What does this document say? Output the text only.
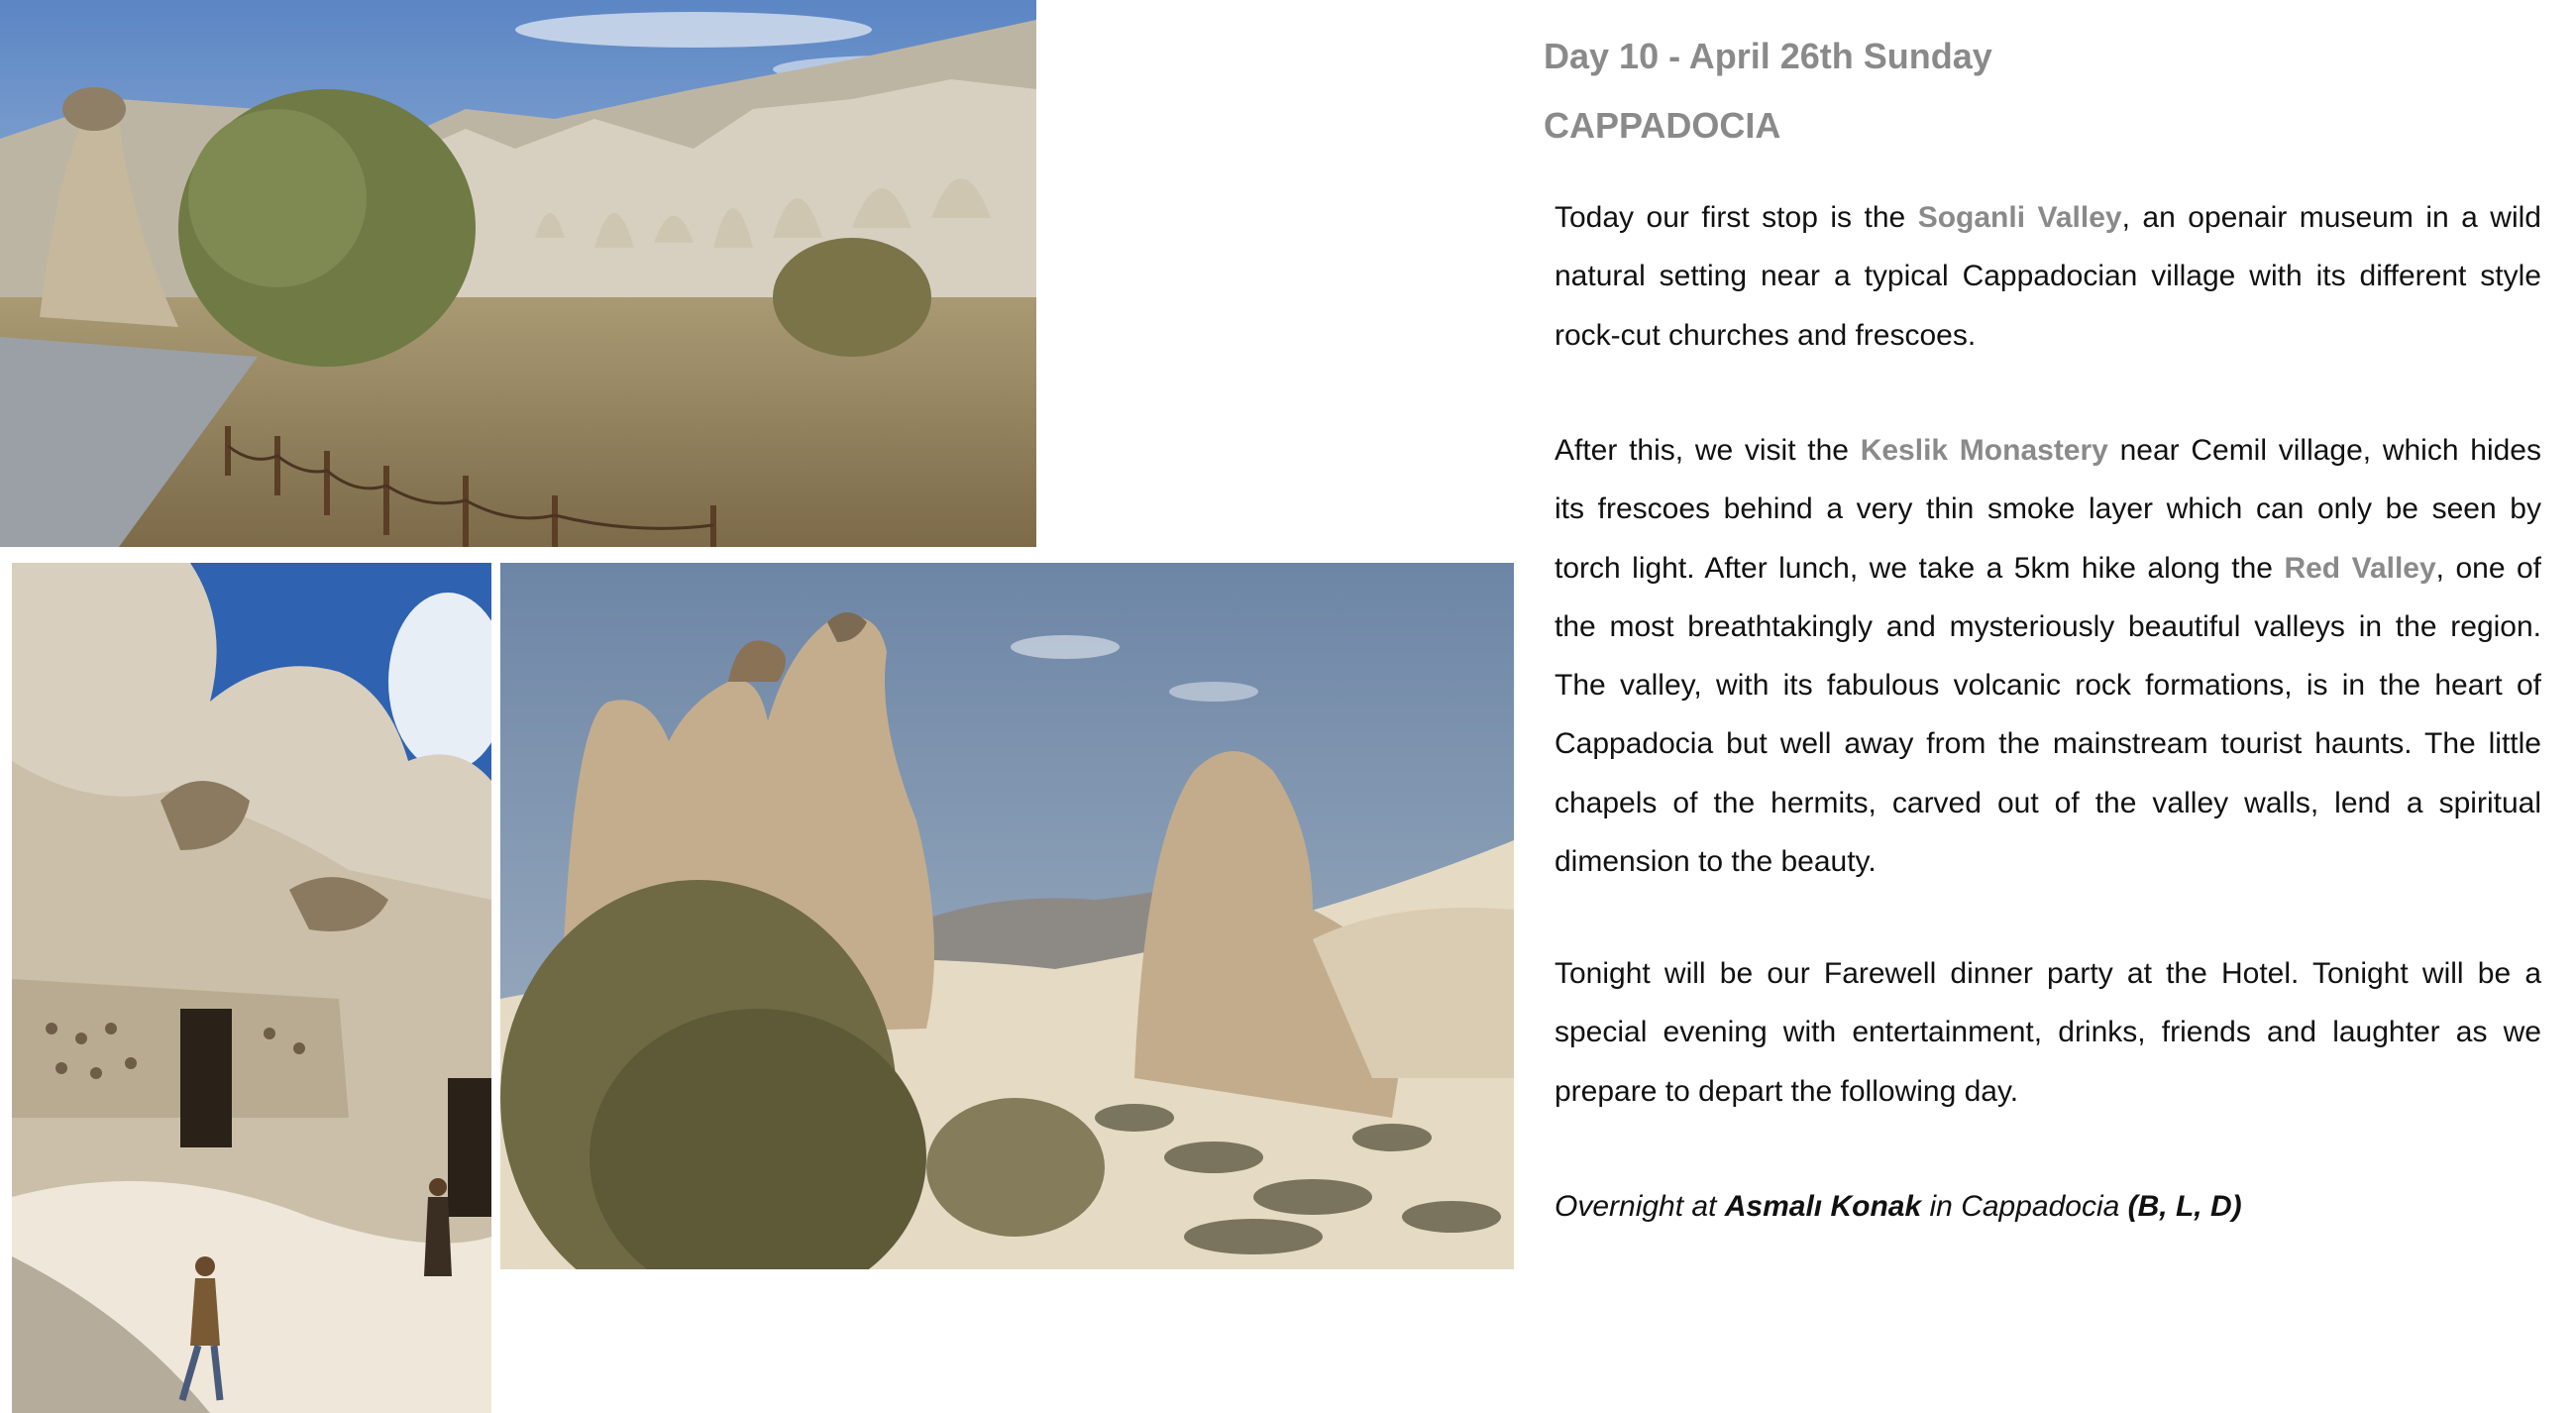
Day 10 - April 26th Sunday
CAPPADOCIA
Today our first stop is the Soganli Valley, an openair museum in a wild natural setting near a typical Cappadocian village with its different style rock-cut churches and frescoes.
After this, we visit the Keslik Monastery near Cemil village, which hides its frescoes behind a very thin smoke layer which can only be seen by torch light. After lunch, we take a 5km hike along the Red Valley, one of the most breathtakingly and mysteriously beautiful valleys in the region. The valley, with its fabulous volcanic rock formations, is in the heart of Cappadocia but well away from the mainstream tourist haunts. The little chapels of the hermits, carved out of the valley walls, lend a spiritual dimension to the beauty.
Tonight will be our Farewell dinner party at the Hotel. Tonight will be a special evening with entertainment, drinks, friends and laughter as we prepare to depart the following day.
Overnight at Asmalı Konak in Cappadocia (B, L, D)
